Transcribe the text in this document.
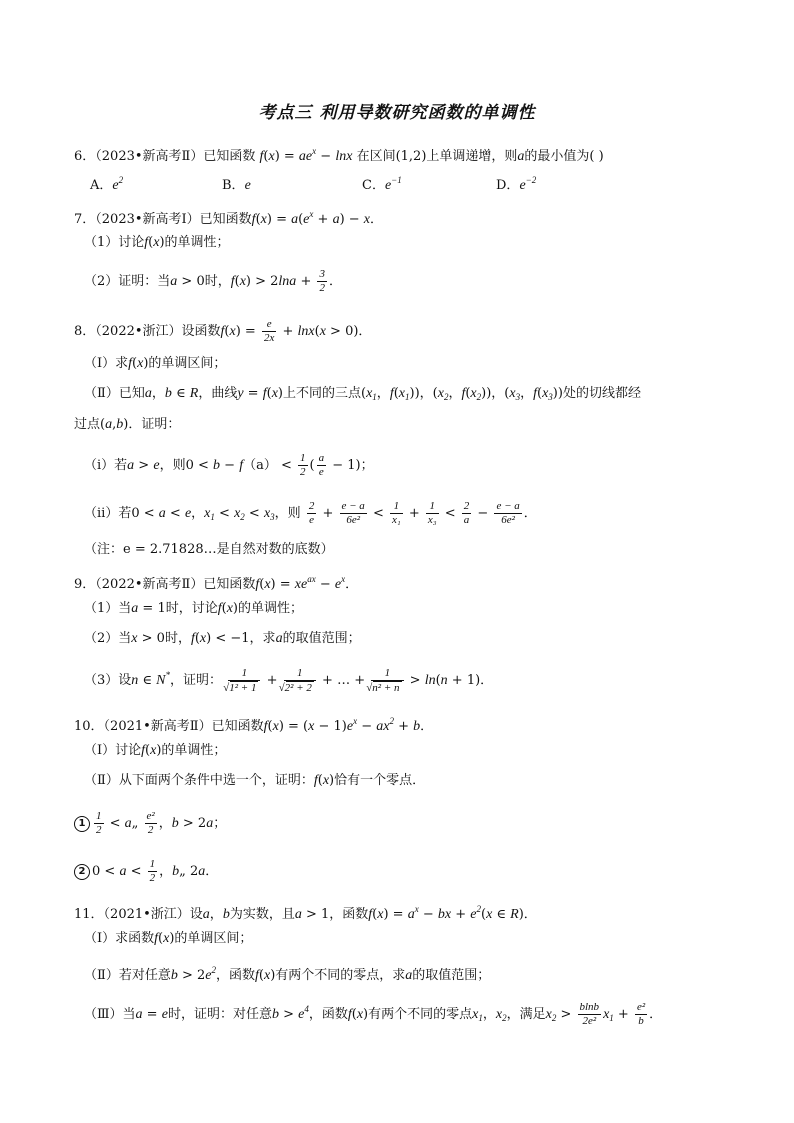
考点三 利用导数研究函数的单调性
6．（2023•新高考Ⅱ）已知函数 $f(x) = ae^x - \ln x$ 在区间(1,2)上单调递增，则a的最小值为( )
A．$e^2$	B．e	C．$e^{-1}$	D．$e^{-2}$
7．（2023•新高考Ⅰ）已知函数$f(x) = a(e^x + a) - x$．
（1）讨论f(x)的单调性；
（2）证明：当a > 0时，$f(x) > 2\ln a + \frac{3}{2}$ ．
8．（2022•浙江）设函数$f(x) = \frac{e}{2x} + \ln x(x > 0)$．
（Ⅰ）求f(x)的单调区间；
（Ⅱ）已知a，b ∈ R，曲线y = f(x)上不同的三点($x_1$，$f(x_1)$)，($x_2$，$f(x_2)$)，($x_3$，$f(x_3)$)处的切线都经
过点(a,b)．证明：
（ⅰ）若a > e，则$0 < b - f(a) < \frac{1}{2}$ ( $\frac{a}{e} - 1$)；
（ⅱ）若0 < a < e，$x_1 < x_2 < x_3$，则 $\frac{2}{e} + \frac{e - a}{\text{6e²}} < \frac{1}{\text{x₁}} + \frac{1}{\text{x₃}} < \frac{2}{a} - \frac{e - a}{\text{6e²}}$ ．
（注：e = 2.71828…是自然对数的底数）
9．（2022•新高考Ⅱ）已知函数$f(x) = xe^{ax} - e^x$．
（1）当a = 1时，讨论f(x)的单调性；
（2）当x > 0时，f(x) < −1，求a的取值范围；
（3）设n ∈ N*，证明： 1
√ 1² + 1 + 1
√ 2² + 2 + … + 1
√ n² + n > ln(n + 1)．
10．（2021•新高考Ⅱ）已知函数$f(x) = (x - 1)e^x - ax^2 + b$．
（Ⅰ）讨论f(x)的单调性；
（Ⅱ）从下面两个条件中选一个，证明：f(x)恰有一个零点．
$1 \frac{1}{2}$ < a„ $\frac{\text{e²}}{2}$ ，b > 2a；
2 $0 < a < \frac{1}{2}$ ，b„ 2a．
11．（2021•浙江）设a，b为实数，且a > 1，函数$f(x) = a^x$ − bx + $e^2(x$ ∈ R)．
（Ⅰ）求函数f(x)的单调区间；
（Ⅱ）若对任意$b > 2e^2$，函数f(x)有两个不同的零点，求a的取值范围；
（Ⅲ）当a = e时，证明：对任意$b > e^4$，函数f(x)有两个不同的零点$x_1$，$x_2$，满足$x_2 > \frac{blnb}{\text{2e²}} x_1 + \frac{\text{e²}}{b}$ ．
